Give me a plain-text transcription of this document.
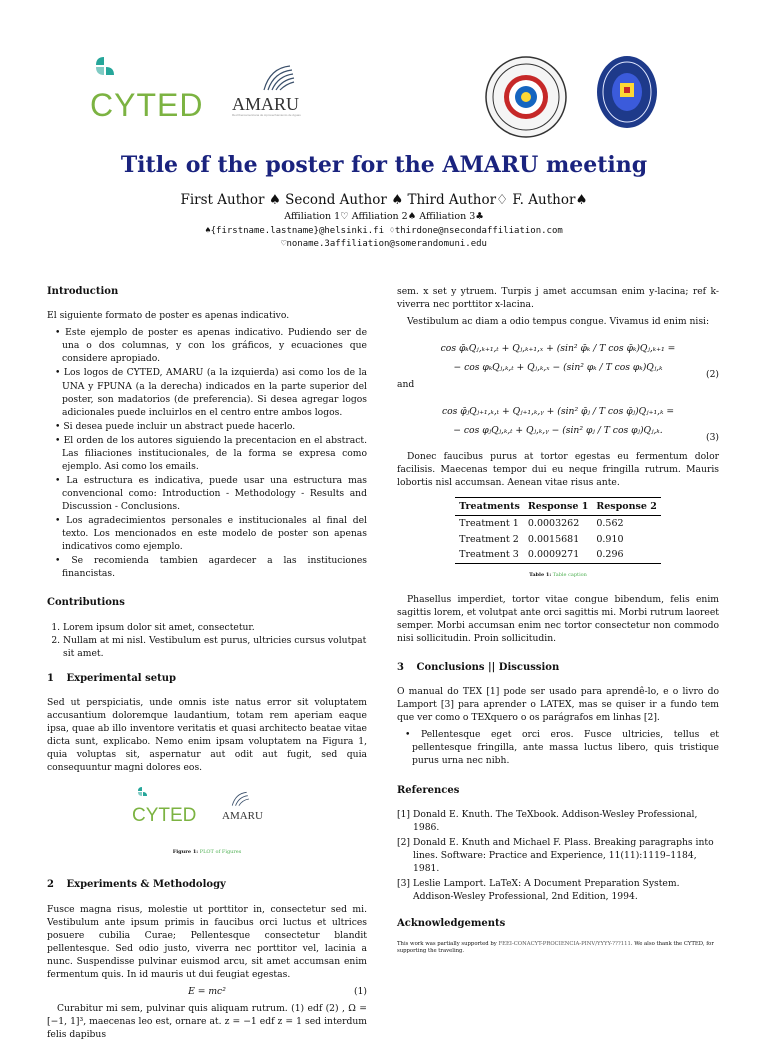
CYTED AMARU
Red Iberoamericana de Aprovechamiento de Aguas
Title of the poster for the AMARU meeting
First Author ♠ Second Author ♠ Third Author♢ F. Author♠
Affiliation 1♡ Affiliation 2♠ Affiliation 3♣
♠{firstname.lastname}@helsinki.fi ♢thirdone@nsecondaffiliation.com
♡noname.3affiliation@somerandomuni.edu
Introduction

El siguiente formato de poster es apenas indicativo.

• Este ejemplo de poster es apenas indicativo. Pudiendo ser de una o dos columnas, y con los gráficos, y ecuaciones que considere apropiado.
• Los logos de CYTED, AMARU (a la izquierda) asi como los de la UNA y FPUNA (a la derecha) indicados en la parte superior del poster, son madatorios (de preferencia). Si desea agregar logos adicionales puede incluirlos en el centro entre ambos logos.
• Si desea puede incluir un abstract puede hacerlo.
• El orden de los autores siguiendo la precentacion en el abstract. Las filiaciones institucionales, de la forma se expresa como ejemplo. Asi como los emails.
• La estructura es indicativa, puede usar una estructura mas convencional como: Introduction - Methodology - Results and Discussion - Conclusions.
• Los agradecimientos personales e institucionales al final del texto. Los mencionados en este modelo de poster son apenas indicativos como ejemplo.
• Se recomienda tambien agardecer a las instituciones financistas.
Contributions
1. Lorem ipsum dolor sit amet, consectetur.
2. Nullam at mi nisl. Vestibulum est purus, ultricies cursus volutpat sit amet.
1 Experimental setup

Sed ut perspiciatis, unde omnis iste natus error sit voluptatem accusantium doloremque laudantium, totam rem aperiam eaque ipsa, quae ab illo inventore veritatis et quasi architecto beatae vitae dicta sunt, explicabo. Nemo enim ipsam voluptatem na Figura 1, quia voluptas sit, aspernatur aut odit aut fugit, sed quia consequuntur magni dolores eos.

CYTED AMARU
Figure 1: PLOT of Figures
2 Experiments & Methodology

Fusce magna risus, molestie ut porttitor in, consectetur sed mi. Vestibulum ante ipsum primis in faucibus orci luctus et ultrices posuere cubilia Curae; Pellentesque consectetur blandit pellentesque. Sed odio justo, viverra nec porttitor vel, lacinia a nunc. Suspendisse pulvinar euismod arcu, sit amet accumsan enim fermentum quis. In id mauris ut dui feugiat egestas.

E = mc²	(1)

Curabitur mi sem, pulvinar quis aliquam rutrum. (1) edf (2) , Ω = [−1, 1]³, maecenas leo est, ornare at. z = −1 edf z = 1 sed interdum felis dapibus

sem. x set y ytruem. Turpis j amet accumsan enim y-lacina; ref k-viverra nec porttitor x-lacina.

Vestibulum ac diam a odio tempus congue. Vivamus id enim nisi:

cos φ̄ₖQⱼ,ₖ₊₁,ₜ + Qⱼ,ₖ₊₁,ₓ + (sin² φ̄ₖ / T cos φ̄ₖ)Qⱼ,ₖ₊₁ =
− cos φₖQⱼ,ₖ,ₜ + Qⱼ,ₖ,ₓ − (sin² φₖ / T cos φₖ)Qⱼ,ₖ
(2)

and

cos φ̄ⱼQⱼ₊₁,ₖ,ₜ + Qⱼ₊₁,ₖ,ᵧ + (sin² φ̄ⱼ / T cos φ̄ⱼ)Qⱼ₊₁,ₖ =
− cos φⱼQⱼ,ₖ,ₜ + Qⱼ,ₖ,ᵧ − (sin² φⱼ / T cos φⱼ)Qⱼ,ₖ.
(3)

Donec faucibus purus at tortor egestas eu fermentum dolor facilisis. Maecenas tempor dui eu neque fringilla rutrum. Mauris lobortis nisl accumsan. Aenean vitae risus ante.

Treatments	Response 1	Response 2
Treatment 1	0.0003262	0.562
Treatment 2	0.0015681	0.910
Treatment 3	0.0009271	0.296
Table 1: Table caption

Phasellus imperdiet, tortor vitae congue bibendum, felis enim sagittis lorem, et volutpat ante orci sagittis mi. Morbi rutrum laoreet semper. Morbi accumsan enim nec tortor consectetur non commodo nisi sollicitudin. Proin sollicitudin.

3 Conclusions || Discussion

O manual do TEX [1] pode ser usado para aprendê-lo, e o livro do Lamport [3] para aprender o LATEX, mas se quiser ir a fundo tem que ver como o TEXquero o os parágrafos em linhas [2].

• Pellentesque eget orci eros. Fusce ultricies, tellus et pellentesque fringilla, ante massa luctus libero, quis tristique purus urna nec nibh.
References
[1] Donald E. Knuth. The TeXbook. Addison-Wesley Professional, 1986.
[2] Donald E. Knuth and Michael F. Plass. Breaking paragraphs into lines. Software: Practice and Experience, 11(11):1119–1184, 1981.
[3] Leslie Lamport. LaTeX: A Document Preparation System. Addison-Wesley Professional, 2nd Edition, 1994.
Acknowledgements
This work was partially supported by FEEI-CONACYT-PROCIENCIA-PINV/YYYY-???111. We also thank the CYTED, for supporting the traveling.
